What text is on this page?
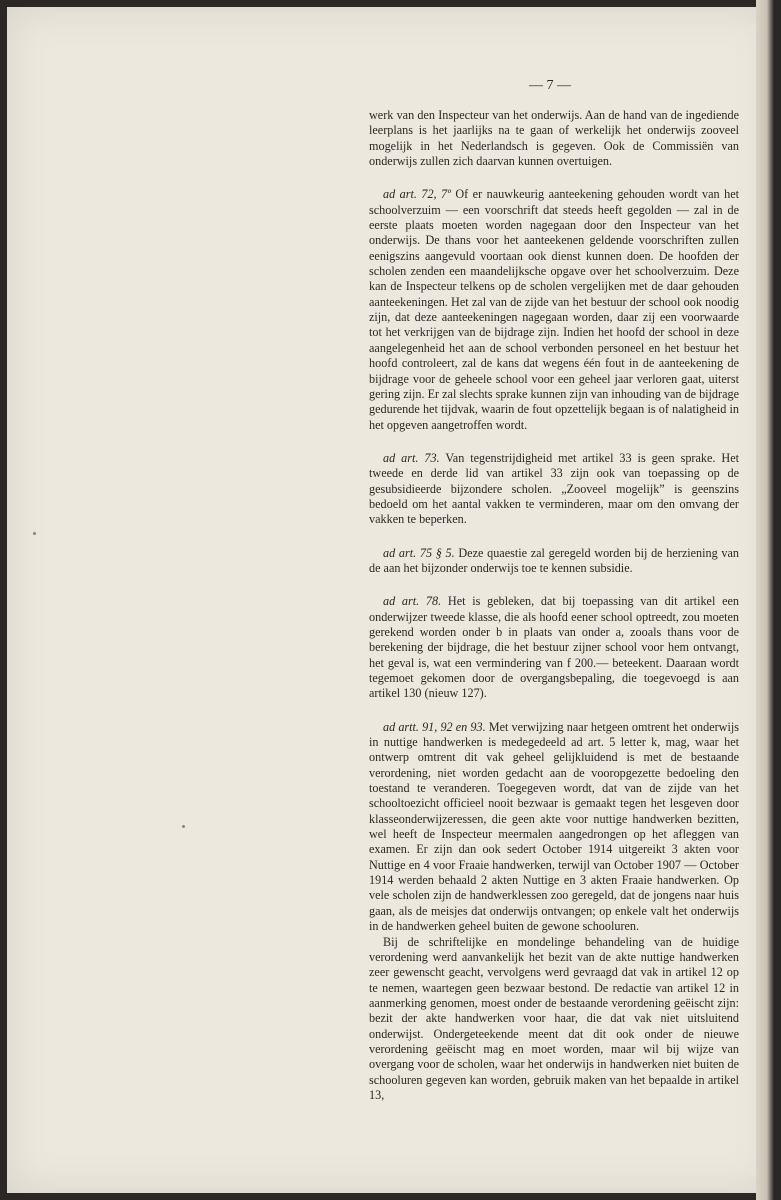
— 7 —

werk van den Inspecteur van het onderwijs. Aan de hand van de ingediende leerplans is het jaarlijks na te gaan of werkelijk het onderwijs zooveel mogelijk in het Nederlandsch is gegeven. Ook de Commissiën van onderwijs zullen zich daarvan kunnen overtuigen.

ad art. 72, 7º Of er nauwkeurig aanteekening gehouden wordt van het schoolverzuim — een voorschrift dat steeds heeft gegolden — zal in de eerste plaats moeten worden nagegaan door den Inspecteur van het onderwijs. De thans voor het aanteekenen geldende voorschriften zullen eenigszins aangevuld voortaan ook dienst kunnen doen. De hoofden der scholen zenden een maandelijksche opgave over het schoolverzuim. Deze kan de Inspecteur telkens op de scholen vergelijken met de daar gehouden aanteekeningen. Het zal van de zijde van het bestuur der school ook noodig zijn, dat deze aanteekeningen nagegaan worden, daar zij een voorwaarde tot het verkrijgen van de bijdrage zijn. Indien het hoofd der school in deze aangelegenheid het aan de school verbonden personeel en het bestuur het hoofd controleert, zal de kans dat wegens één fout in de aanteekening de bijdrage voor de geheele school voor een geheel jaar verloren gaat, uiterst gering zijn. Er zal slechts sprake kunnen zijn van inhouding van de bijdrage gedurende het tijdvak, waarin de fout opzettelijk begaan is of nalatigheid in het opgeven aangetroffen wordt.

ad art. 73. Van tegenstrijdigheid met artikel 33 is geen sprake. Het tweede en derde lid van artikel 33 zijn ook van toepassing op de gesubsidieerde bijzondere scholen. „Zooveel mogelijk” is geenszins bedoeld om het aantal vakken te verminderen, maar om den omvang der vakken te beperken.

ad art. 75 § 5. Deze quaestie zal geregeld worden bij de herziening van de aan het bijzonder onderwijs toe te kennen subsidie.

ad art. 78. Het is gebleken, dat bij toepassing van dit artikel een onderwijzer tweede klasse, die als hoofd eener school optreedt, zou moeten gerekend worden onder b in plaats van onder a, zooals thans voor de berekening der bijdrage, die het bestuur zijner school voor hem ontvangt, het geval is, wat een vermindering van f 200.— beteekent. Daaraan wordt tegemoet gekomen door de overgangsbepaling, die toegevoegd is aan artikel 130 (nieuw 127).

ad artt. 91, 92 en 93. Met verwijzing naar hetgeen omtrent het onderwijs in nuttige handwerken is medegedeeld ad art. 5 letter k, mag, waar het ontwerp omtrent dit vak geheel gelijkluidend is met de bestaande verordening, niet worden gedacht aan de vooropgezette bedoeling den toestand te veranderen. Toegegeven wordt, dat van de zijde van het schooltoezicht officieel nooit bezwaar is gemaakt tegen het lesgeven door klasseonderwijzeressen, die geen akte voor nuttige handwerken bezitten, wel heeft de Inspecteur meermalen aangedrongen op het afleggen van examen. Er zijn dan ook sedert October 1914 uitgereikt 3 akten voor Nuttige en 4 voor Fraaie handwerken, terwijl van October 1907 — October 1914 werden behaald 2 akten Nuttige en 3 akten Fraaie handwerken. Op vele scholen zijn de handwerklessen zoo geregeld, dat de jongens naar huis gaan, als de meisjes dat onderwijs ontvangen; op enkele valt het onderwijs in de handwerken geheel buiten de gewone schooluren.

Bij de schriftelijke en mondelinge behandeling van de huidige verordening werd aanvankelijk het bezit van de akte nuttige handwerken zeer gewenscht geacht, vervolgens werd gevraagd dat vak in artikel 12 op te nemen, waartegen geen bezwaar bestond. De redactie van artikel 12 in aanmerking genomen, moest onder de bestaande verordening geëischt zijn: bezit der akte handwerken voor haar, die dat vak niet uitsluitend onderwijst. Ondergeteekende meent dat dit ook onder de nieuwe verordening geëischt mag en moet worden, maar wil bij wijze van overgang voor de scholen, waar het onderwijs in handwerken niet buiten de schooluren gegeven kan worden, gebruik maken van het bepaalde in artikel 13,
